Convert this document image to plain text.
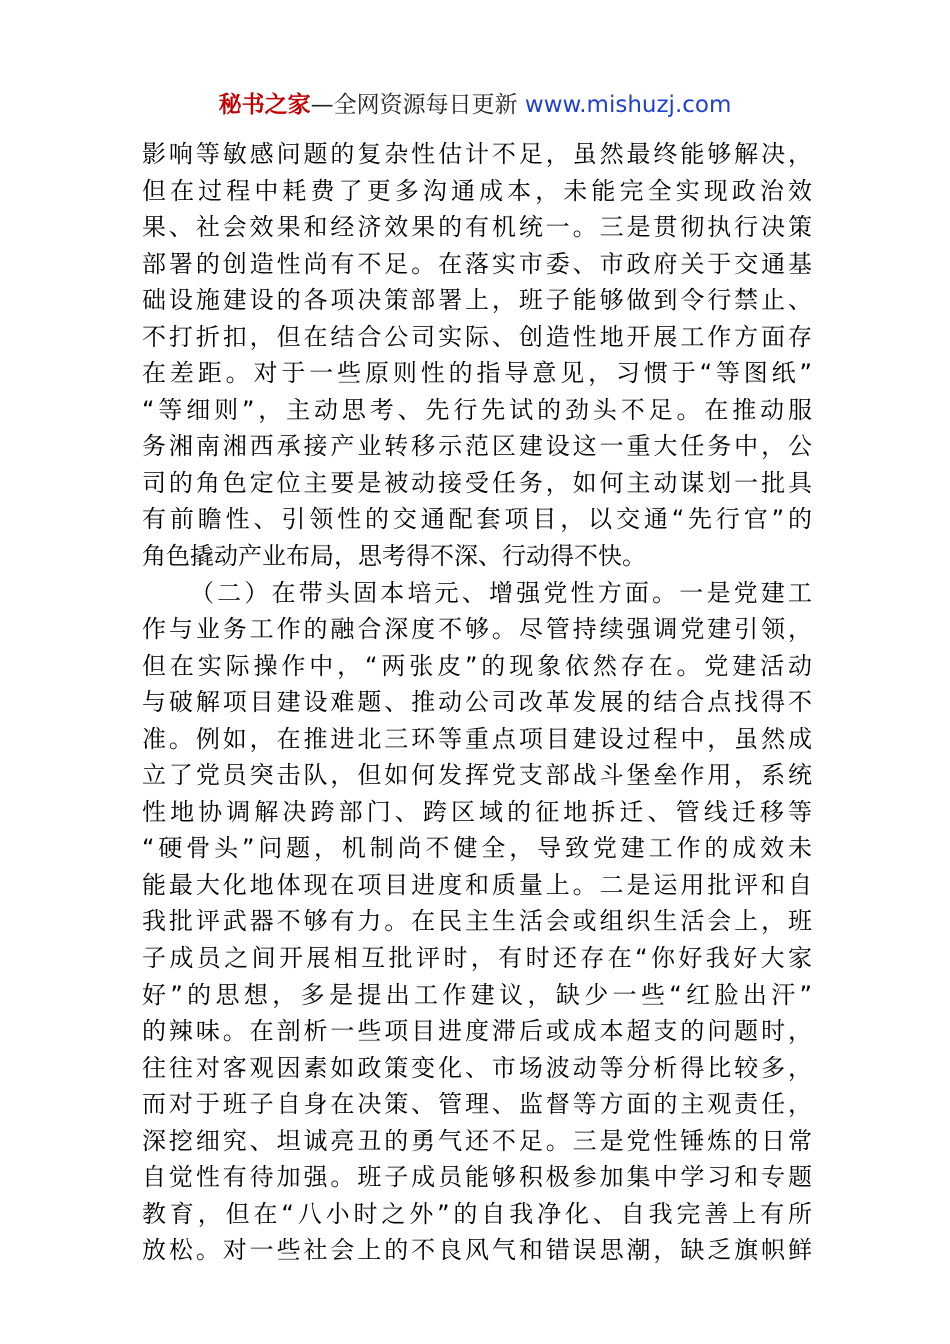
秘书之家—全网资源每日更新 www.mishuzj.com
影响等敏感问题的复杂性估计不足，虽然最终能够解决，
但在过程中耗费了更多沟通成本，未能完全实现政治效
果、社会效果和经济效果的有机统一。三是贯彻执行决策
部署的创造性尚有不足。在落实市委、市政府关于交通基
础设施建设的各项决策部署上，班子能够做到令行禁止、
不打折扣，但在结合公司实际、创造性地开展工作方面存
在差距。对于一些原则性的指导意见，习惯于“等图纸”
“等细则”，主动思考、先行先试的劲头不足。在推动服
务湘南湘西承接产业转移示范区建设这一重大任务中，公
司的角色定位主要是被动接受任务，如何主动谋划一批具
有前瞻性、引领性的交通配套项目，以交通“先行官”的
角色撬动产业布局，思考得不深、行动得不快。
（二）在带头固本培元、增强党性方面。一是党建工
作与业务工作的融合深度不够。尽管持续强调党建引领，
但在实际操作中，“两张皮”的现象依然存在。党建活动
与破解项目建设难题、推动公司改革发展的结合点找得不
准。例如，在推进北三环等重点项目建设过程中，虽然成
立了党员突击队，但如何发挥党支部战斗堡垒作用，系统
性地协调解决跨部门、跨区域的征地拆迁、管线迁移等
“硬骨头”问题，机制尚不健全，导致党建工作的成效未
能最大化地体现在项目进度和质量上。二是运用批评和自
我批评武器不够有力。在民主生活会或组织生活会上，班
子成员之间开展相互批评时，有时还存在“你好我好大家
好”的思想，多是提出工作建议，缺少一些“红脸出汗”
的辣味。在剖析一些项目进度滞后或成本超支的问题时，
往往对客观因素如政策变化、市场波动等分析得比较多，
而对于班子自身在决策、管理、监督等方面的主观责任，
深挖细究、坦诚亮丑的勇气还不足。三是党性锤炼的日常
自觉性有待加强。班子成员能够积极参加集中学习和专题
教育，但在“八小时之外”的自我净化、自我完善上有所
放松。对一些社会上的不良风气和错误思潮，缺乏旗帜鲜
